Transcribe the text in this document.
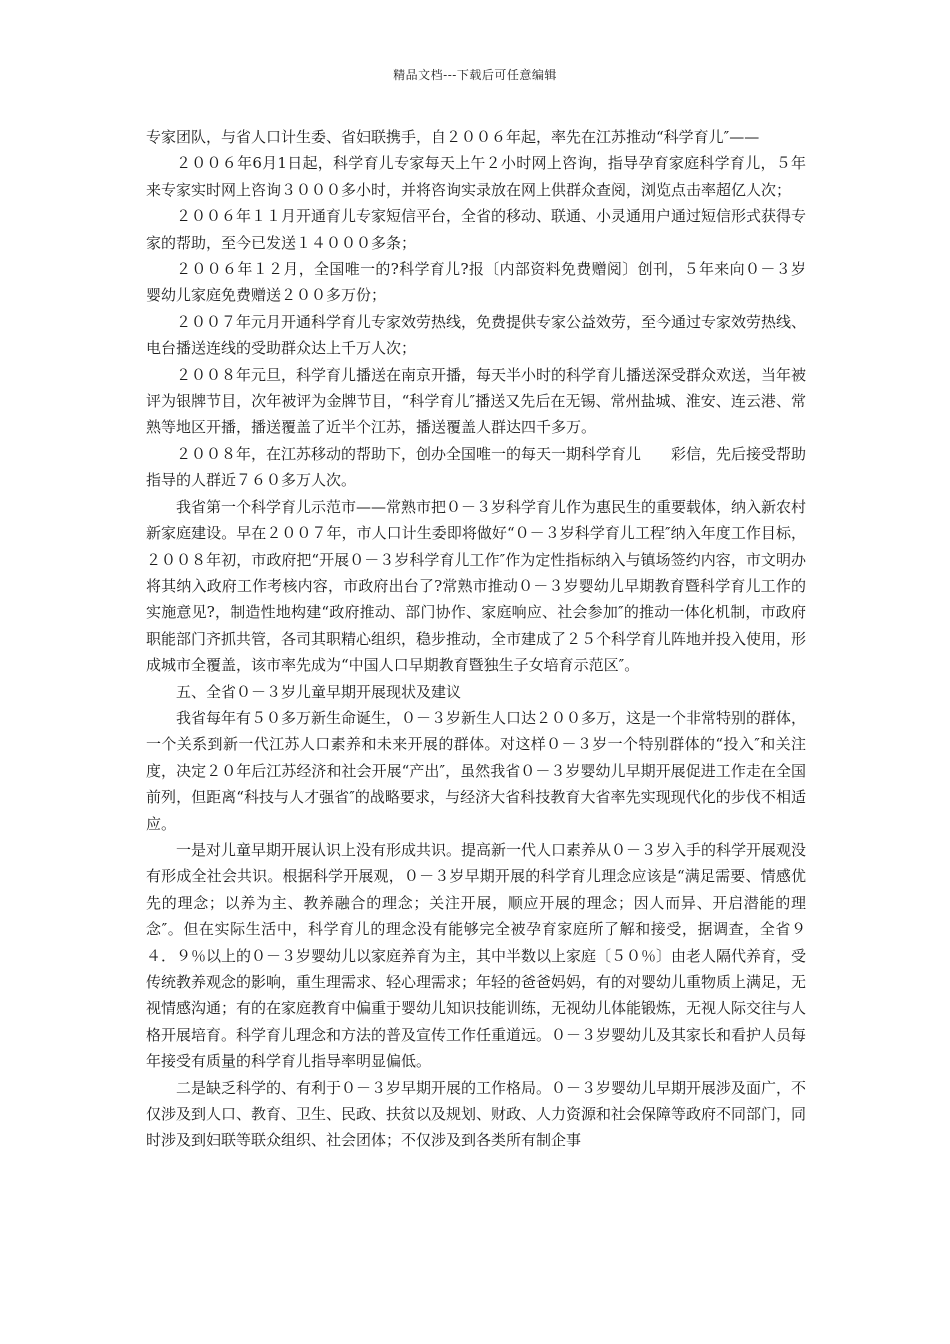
精品文档---下载后可任意编辑

专家团队，与省人口计生委、省妇联携手，自２００６年起，率先在江苏推动“科学育儿″——

２００６年6月1日起，科学育儿专家每天上午２小时网上咨询，指导孕育家庭科学育儿，５年来专家实时网上咨询３０００多小时，并将咨询实录放在网上供群众查阅，浏览点击率超亿人次；

２００６年１１月开通育儿专家短信平台，全省的移动、联通、小灵通用户通过短信形式获得专家的帮助，至今已发送１４０００多条；

２００６年１２月，全国唯一的?科学育儿?报〔内部资料免费赠阅〕创刊，５年来向０－３岁婴幼儿家庭免费赠送２００多万份；

２００７年元月开通科学育儿专家效劳热线，免费提供专家公益效劳，至今通过专家效劳热线、电台播送连线的受助群众达上千万人次；

２００８年元旦，科学育儿播送在南京开播，每天半小时的科学育儿播送深受群众欢送，当年被评为银牌节目，次年被评为金牌节目，“科学育儿″播送又先后在无锡、常州盐城、淮安、连云港、常熟等地区开播，播送覆盖了近半个江苏，播送覆盖人群达四千多万。

２００８年，在江苏移动的帮助下，创办全国唯一的每天一期科学育儿　　彩信，先后接受帮助指导的人群近７６０多万人次。

我省第一个科学育儿示范市——常熟市把０－３岁科学育儿作为惠民生的重要载体，纳入新农村新家庭建设。早在２００７年，市人口计生委即将做好“０－３岁科学育儿工程″纳入年度工作目标，２００８年初，市政府把“开展０－３岁科学育儿工作″作为定性指标纳入与镇场签约内容，市文明办将其纳入政府工作考核内容，市政府出台了?常熟市推动０－３岁婴幼儿早期教育暨科学育儿工作的实施意见?，制造性地构建“政府推动、部门协作、家庭响应、社会参加″的推动一体化机制，市政府职能部门齐抓共管，各司其职精心组织，稳步推动，全市建成了２５个科学育儿阵地并投入使用，形成城市全覆盖，该市率先成为“中国人口早期教育暨独生子女培育示范区″。

五、全省０－３岁儿童早期开展现状及建议

我省每年有５０多万新生命诞生，０－３岁新生人口达２００多万，这是一个非常特别的群体，一个关系到新一代江苏人口素养和未来开展的群体。对这样０－３岁一个特别群体的“投入″和关注度，决定２０年后江苏经济和社会开展“产出″，虽然我省０－３岁婴幼儿早期开展促进工作走在全国前列，但距离“科技与人才强省″的战略要求，与经济大省科技教育大省率先实现现代化的步伐不相适应。

一是对儿童早期开展认识上没有形成共识。提高新一代人口素养从０－３岁入手的科学开展观没有形成全社会共识。根据科学开展观，０－３岁早期开展的科学育儿理念应该是“满足需要、情感优先的理念；以养为主、教养融合的理念；关注开展，顺应开展的理念；因人而异、开启潜能的理念″。但在实际生活中，科学育儿的理念没有能够完全被孕育家庭所了解和接受，据调查，全省９４．９％以上的０－３岁婴幼儿以家庭养育为主，其中半数以上家庭〔５０％〕由老人隔代养育，受传统教养观念的影响，重生理需求、轻心理需求；年轻的爸爸妈妈，有的对婴幼儿重物质上满足，无视情感沟通；有的在家庭教育中偏重于婴幼儿知识技能训练，无视幼儿体能锻炼，无视人际交往与人格开展培育。科学育儿理念和方法的普及宣传工作任重道远。０－３岁婴幼儿及其家长和看护人员每年接受有质量的科学育儿指导率明显偏低。

二是缺乏科学的、有利于０－３岁早期开展的工作格局。０－３岁婴幼儿早期开展涉及面广，不仅涉及到人口、教育、卫生、民政、扶贫以及规划、财政、人力资源和社会保障等政府不同部门，同时涉及到妇联等联众组织、社会团体；不仅涉及到各类所有制企事
